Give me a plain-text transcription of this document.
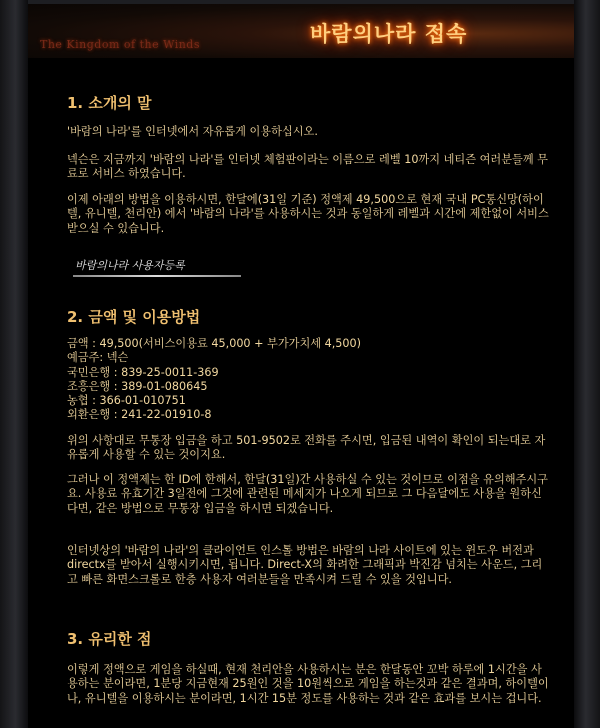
The Kingdom of the Winds	바람의나라 접속
1. 소개의 말

'바람의 나라'를 인터넷에서 자유롭게 이용하십시오.

넥슨은 지금까지 '바람의 나라'를 인터넷 체험판이라는 이름으로 레벨 10까지 네티즌 여러분들께 무료로 서비스 하였습니다.

이제 아래의 방법을 이용하시면, 한달에(31일 기준) 정액제 49,500으로 현재 국내 PC통신망(하이텔, 유니텔, 천리안) 에서 '바람의 나라'를 사용하시는 것과 동일하게 레벨과 시간에 제한없이 서비스 받으실 수 있습니다.

바람의나라 사용자등록
2. 금액 및 이용방법
금액 : 49,500(서비스이용료 45,000 + 부가가치세 4,500)
예금주: 넥슨
국민은행 : 839-25-0011-369
조흥은행 : 389-01-080645
농협 : 366-01-010751
외환은행 : 241-22-01910-8

위의 사항대로 무통장 입금을 하고 501-9502로 전화를 주시면, 입금된 내역이 확인이 되는대로 자유롭게 사용할 수 있는 것이지요.

그러나 이 정액제는 한 ID에 한해서, 한달(31일)간 사용하실 수 있는 것이므로 이점을 유의해주시구요. 사용료 유효기간 3일전에 그것에 관련된 메세지가 나오게 되므로 그 다음달에도 사용을 원하신다면, 같은 방법으로 무통장 입금을 하시면 되겠습니다.

인터넷상의 '바람의 나라'의 클라이언트 인스톨 방법은 바람의 나라 사이트에 있는 윈도우 버전과 directx를 받아서 실행시키시면, 됩니다. Direct-X의 화려한 그래픽과 박진감 넘치는 사운드, 그리고 빠른 화면스크롤로 한층 사용자 여러분들을 만족시켜 드릴 수 있을 것입니다.

3. 유리한 점

이렇게 정액으로 게임을 하실때, 현재 천리안을 사용하시는 분은 한달동안 꼬박 하루에 1시간을 사용하는 분이라면, 1분당 지금현재 25원인 것을 10원씩으로 게임을 하는것과 같은 결과며, 하이텔이나, 유니텔을 이용하시는 분이라면, 1시간 15분 정도를 사용하는 것과 같은 효과를 보시는 겁니다.
